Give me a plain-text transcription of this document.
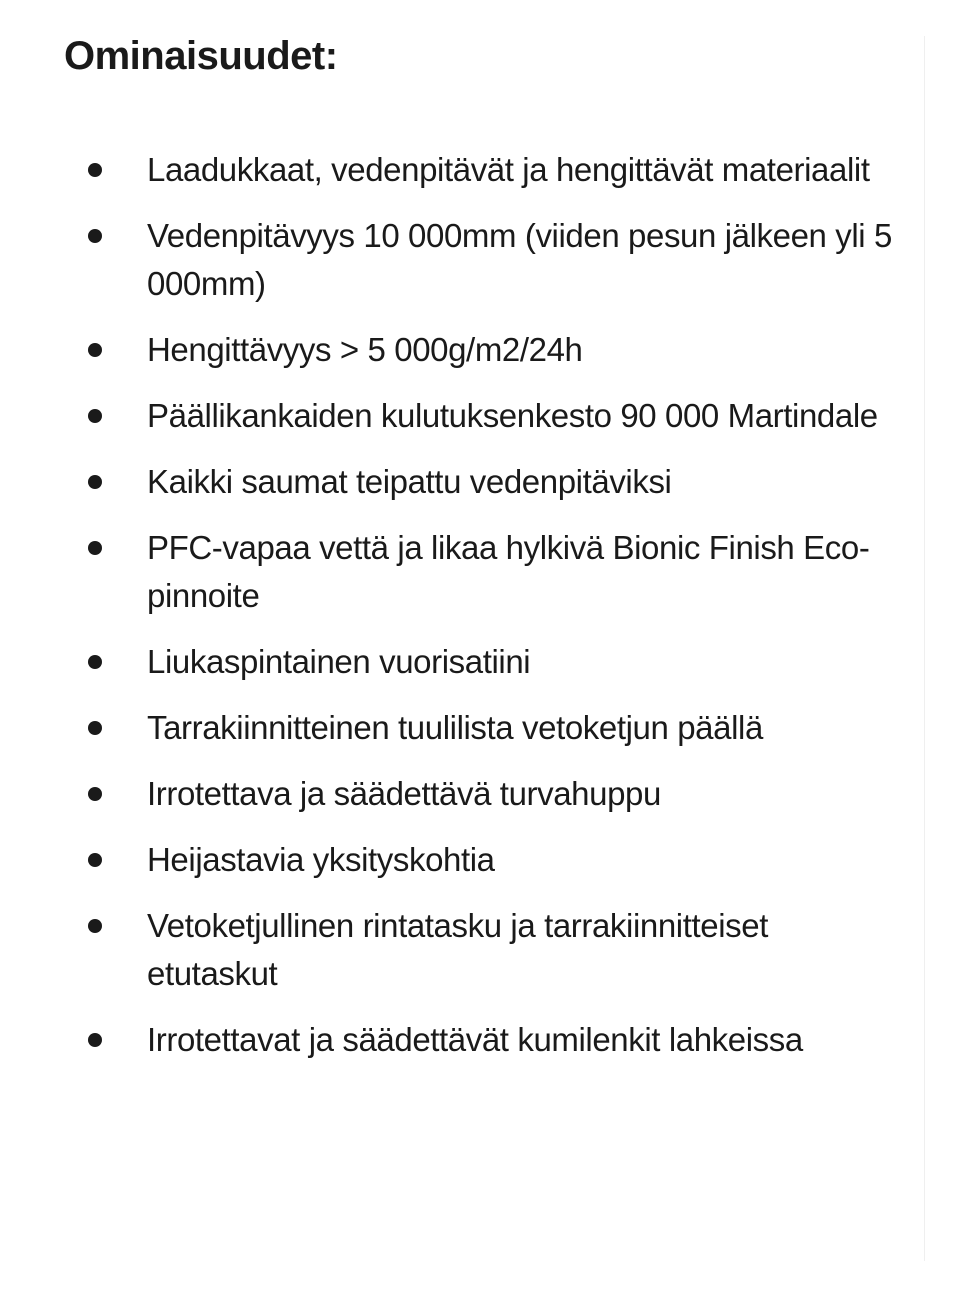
Ominaisuudet:
Laadukkaat, vedenpitävät ja hengittävät materiaalit
Vedenpitävyys 10 000mm (viiden pesun jälkeen yli 5 000mm)
Hengittävyys > 5 000g/m2/24h
Päällikankaiden kulutuksenkesto 90 000 Martindale
Kaikki saumat teipattu vedenpitäviksi
PFC-vapaa vettä ja likaa hylkivä Bionic Finish Eco-pinnoite
Liukaspintainen vuorisatiini
Tarrakiinnitteinen tuulilista vetoketjun päällä
Irrotettava ja säädettävä turvahuppu
Heijastavia yksityskohtia
Vetoketjullinen rintatasku ja tarrakiinnitteiset etutaskut
Irrotettavat ja säädettävät kumilenkit lahkeissa
